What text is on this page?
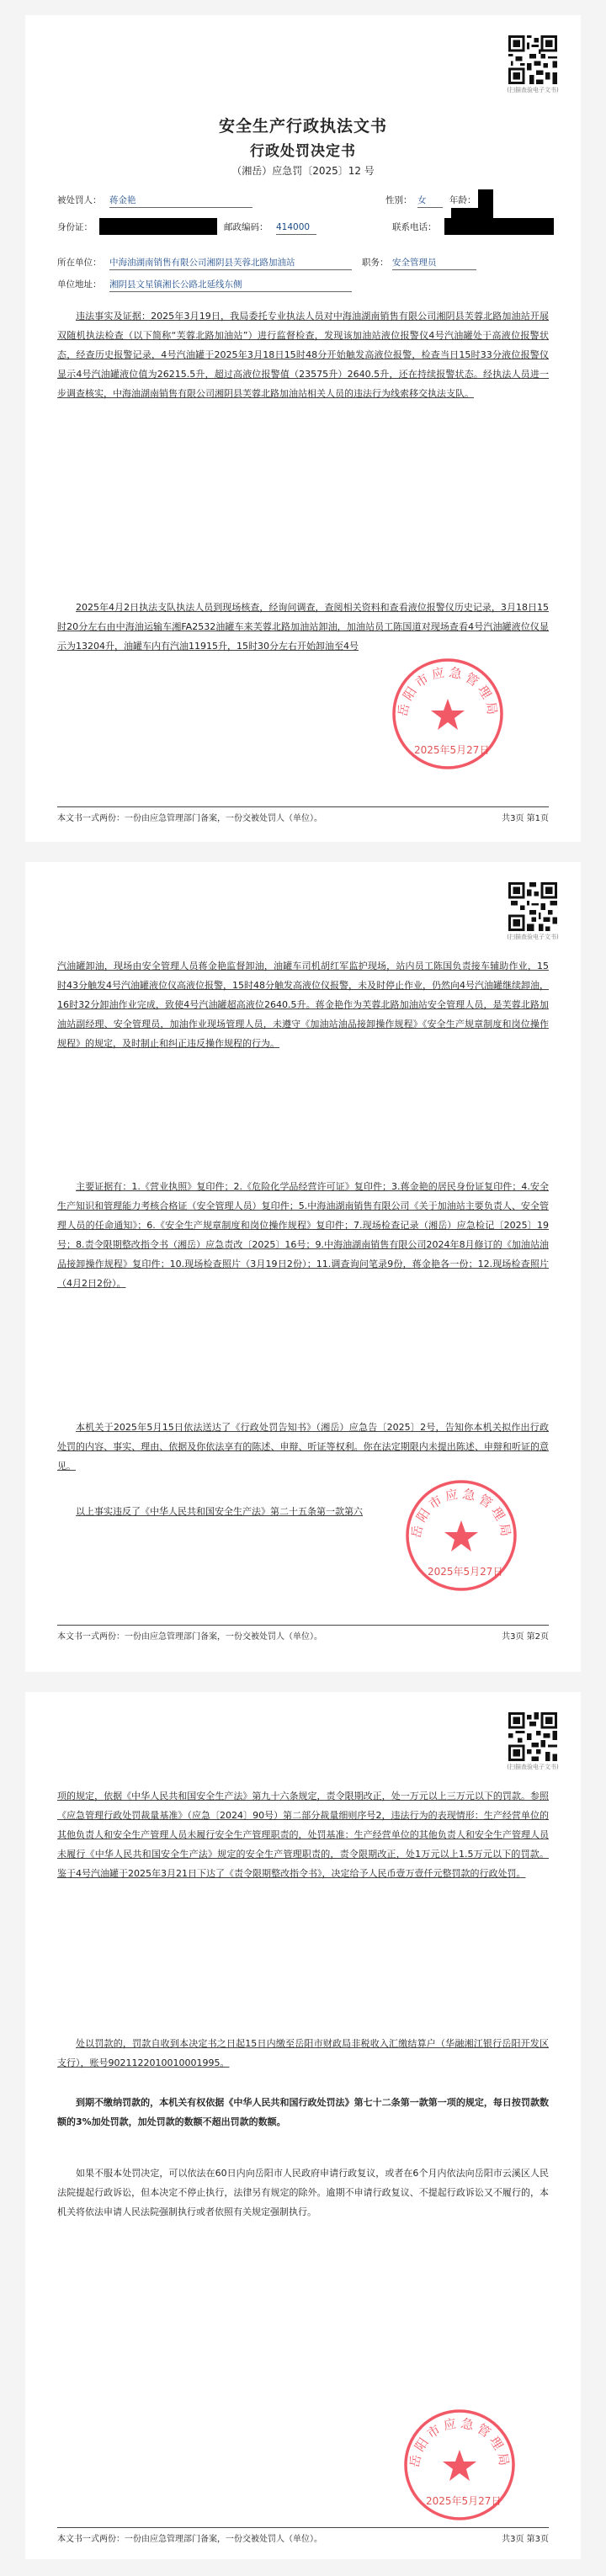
(扫描查验电子文书)
安全生产行政执法文书
行政处罚决定书
（湘岳）应急罚〔2025〕12 号
被处罚人： 蒋金艳	性别： 女	年龄：
身份证：	邮政编码： 414000	联系电话：
所在单位： 中海油湖南销售有限公司湘阴县芙蓉北路加油站	职务： 安全管理员
单位地址： 湘阴县文星镇湘长公路北延线东侧
违法事实及证据：2025年3月19日，我局委托专业执法人员对中海油湖南销售有限公司湘阴县芙蓉北路加油站开展双随机执法检查（以下简称“芙蓉北路加油站”）进行监督检查，发现该加油站液位报警仪4号汽油罐处于高液位报警状态，经查历史报警记录，4号汽油罐于2025年3月18日15时48分开始触发高液位报警，检查当日15时33分液位报警仪显示4号汽油罐液位值为26215.5升，超过高液位报警值（23575升）2640.5升，还在持续报警状态。经执法人员进一步调查核实，中海油湖南销售有限公司湘阴县芙蓉北路加油站相关人员的违法行为线索移交执法支队。
2025年4月2日执法支队执法人员到现场核查，经询问调查，查阅相关资料和查看液位报警仪历史记录，3月18日15时20分左右由中海油运输车湘FA2532油罐车来芙蓉北路加油站卸油，加油站员工陈国道对现场查看4号汽油罐液位仪显示为13204升，油罐车内有汽油11915升，15时30分左右开始卸油至4号
岳阳市应急管理局
2025年5月27日
本文书一式两份：一份由应急管理部门备案，一份交被处罚人（单位）。	共3页 第1页
(扫描查验电子文书)
汽油罐卸油，现场由安全管理人员蒋金艳监督卸油，油罐车司机胡红军监护现场，站内员工陈国负责接车辅助作业，15时43分触发4号汽油罐液位仪高液位报警，15时48分触发高液位仪报警，未及时停止作业，仍然向4号汽油罐继续卸油，16时32分卸油作业完成，致使4号汽油罐超高液位2640.5升。蒋金艳作为芙蓉北路加油站安全管理人员，是芙蓉北路加油站副经理、安全管理员，加油作业现场管理人员，未遵守《加油站油品接卸操作规程》《安全生产规章制度和岗位操作规程》的规定，及时制止和纠正违反操作规程的行为。
主要证据有：1.《营业执照》复印件；2.《危险化学品经营许可证》复印件；3.蒋金艳的居民身份证复印件；4.安全生产知识和管理能力考核合格证（安全管理人员）复印件；5.中海油湖南销售有限公司《关于加油站主要负责人、安全管理人员的任命通知》；6.《安全生产规章制度和岗位操作规程》复印件；7.现场检查记录（湘岳）应急检记〔2025〕19号；8.责令限期整改指令书（湘岳）应急责改〔2025〕16号；9.中海油湖南销售有限公司2024年8月修订的《加油站油品接卸操作规程》复印件；10.现场检查照片（3月19日2份）；11.调查询问笔录9份，蒋金艳各一份；12.现场检查照片（4月2日2份）。
本机关于2025年5月15日依法送达了《行政处罚告知书》（湘岳）应急告〔2025〕2号，告知你本机关拟作出行政处罚的内容、事实、理由、依据及你依法享有的陈述、申辩、听证等权利。你在法定期限内未提出陈述、申辩和听证的意见。
以上事实违反了《中华人民共和国安全生产法》第二十五条第一款第六
岳阳市应急管理局
2025年5月27日
本文书一式两份：一份由应急管理部门备案，一份交被处罚人（单位）。	共3页 第2页
(扫描查验电子文书)
项的规定，依据《中华人民共和国安全生产法》第九十六条规定，责令限期改正，处一万元以上三万元以下的罚款。参照《应急管理行政处罚裁量基准》（应急〔2024〕90号）第二部分裁量细则序号2，违法行为的表现情形：生产经营单位的其他负责人和安全生产管理人员未履行安全生产管理职责的，处罚基准：生产经营单位的其他负责人和安全生产管理人员未履行《中华人民共和国安全生产法》规定的安全生产管理职责的，责令限期改正，处1万元以上1.5万元以下的罚款。鉴于4号汽油罐于2025年3月21日下达了《责令限期整改指令书》，决定给予人民币壹万壹仟元整罚款的行政处罚。
处以罚款的，罚款自收到本决定书之日起15日内缴至岳阳市财政局非税收入汇缴结算户（华融湘江银行岳阳开发区支行），账号9021122010010001995。
到期不缴纳罚款的，本机关有权依据《中华人民共和国行政处罚法》第七十二条第一款第一项的规定，每日按罚款数额的3%加处罚款，加处罚款的数额不超出罚款的数额。
如果不服本处罚决定，可以依法在60日内向岳阳市人民政府申请行政复议，或者在6个月内依法向岳阳市云溪区人民法院提起行政诉讼，但本决定不停止执行，法律另有规定的除外。逾期不申请行政复议、不提起行政诉讼又不履行的，本机关将依法申请人民法院强制执行或者依照有关规定强制执行。
岳阳市应急管理局
2025年5月27日
本文书一式两份：一份由应急管理部门备案，一份交被处罚人（单位）。	共3页 第3页
